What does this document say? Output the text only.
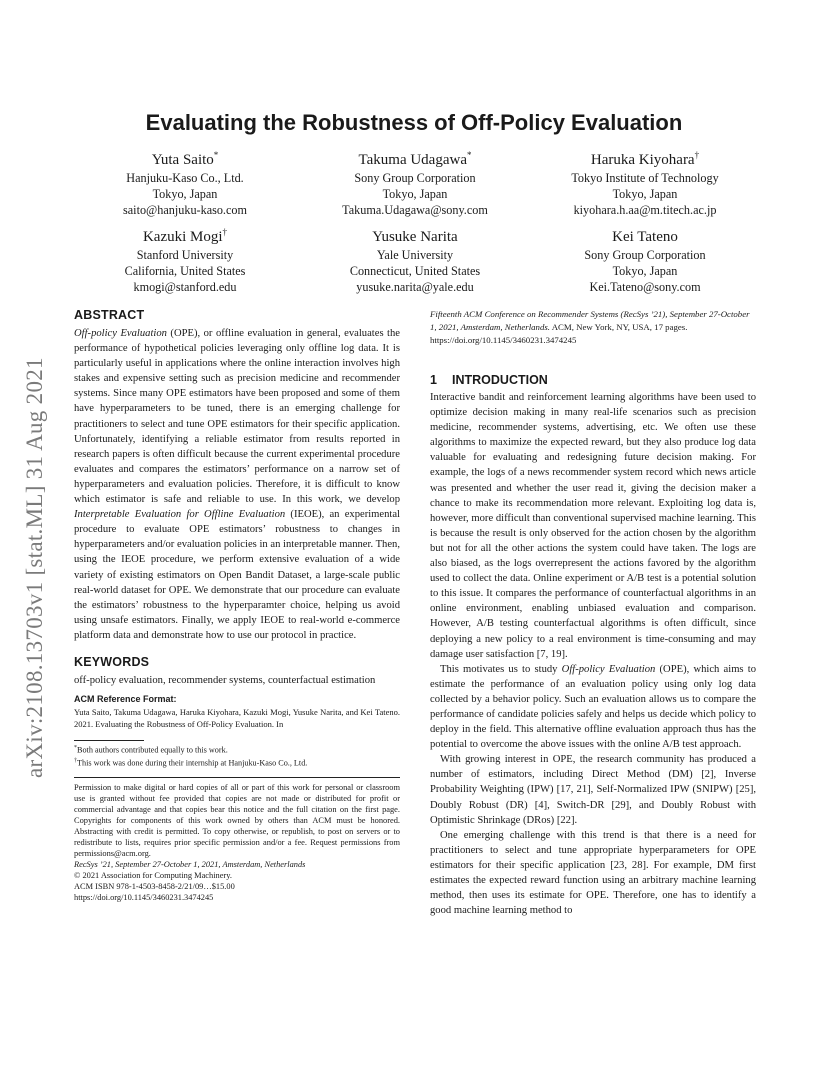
arXiv:2108.13703v1 [stat.ML] 31 Aug 2021
Evaluating the Robustness of Off-Policy Evaluation
Yuta Saito*
Hanjuku-Kaso Co., Ltd.
Tokyo, Japan
saito@hanjuku-kaso.com
Takuma Udagawa*
Sony Group Corporation
Tokyo, Japan
Takuma.Udagawa@sony.com
Haruka Kiyohara†
Tokyo Institute of Technology
Tokyo, Japan
kiyohara.h.aa@m.titech.ac.jp
Kazuki Mogi†
Stanford University
California, United States
kmogi@stanford.edu
Yusuke Narita
Yale University
Connecticut, United States
yusuke.narita@yale.edu
Kei Tateno
Sony Group Corporation
Tokyo, Japan
Kei.Tateno@sony.com
ABSTRACT

Off-policy Evaluation (OPE), or offline evaluation in general, evaluates the performance of hypothetical policies leveraging only offline log data. It is particularly useful in applications where the online interaction involves high stakes and expensive setting such as precision medicine and recommender systems. Since many OPE estimators have been proposed and some of them have hyperparameters to be tuned, there is an emerging challenge for practitioners to select and tune OPE estimators for their specific application. Unfortunately, identifying a reliable estimator from results reported in research papers is often difficult because the current experimental procedure evaluates and compares the estimators’ performance on a narrow set of hyperparameters and evaluation policies. Therefore, it is difficult to know which estimator is safe and reliable to use. In this work, we develop Interpretable Evaluation for Offline Evaluation (IEOE), an experimental procedure to evaluate OPE estimators’ robustness to changes in hyperparameters and/or evaluation policies in an interpretable manner. Then, using the IEOE procedure, we perform extensive evaluation of a wide variety of existing estimators on Open Bandit Dataset, a large-scale public real-world dataset for OPE. We demonstrate that our procedure can evaluate the estimators’ robustness to the hyperparamter choice, helping us avoid using unsafe estimators. Finally, we apply IEOE to real-world e-commerce platform data and demonstrate how to use our protocol in practice.

KEYWORDS

off-policy evaluation, recommender systems, counterfactual estimation

ACM Reference Format:

Yuta Saito, Takuma Udagawa, Haruka Kiyohara, Kazuki Mogi, Yusuke Narita, and Kei Tateno. 2021. Evaluating the Robustness of Off-Policy Evaluation. In

*Both authors contributed equally to this work.

†This work was done during their internship at Hanjuku-Kaso Co., Ltd.

Permission to make digital or hard copies of all or part of this work for personal or classroom use is granted without fee provided that copies are not made or distributed for profit or commercial advantage and that copies bear this notice and the full citation on the first page. Copyrights for components of this work owned by others than ACM must be honored. Abstracting with credit is permitted. To copy otherwise, or republish, to post on servers or to redistribute to lists, requires prior specific permission and/or a fee. Request permissions from permissions@acm.org.

RecSys ’21, September 27-October 1, 2021, Amsterdam, Netherlands

© 2021 Association for Computing Machinery.

ACM ISBN 978-1-4503-8458-2/21/09…$15.00

https://doi.org/10.1145/3460231.3474245

Fifteenth ACM Conference on Recommender Systems (RecSys ’21), September 27-October 1, 2021, Amsterdam, Netherlands. ACM, New York, NY, USA, 17 pages. https://doi.org/10.1145/3460231.3474245

1 INTRODUCTION

Interactive bandit and reinforcement learning algorithms have been used to optimize decision making in many real-life scenarios such as precision medicine, recommender systems, advertising, etc. We often use these algorithms to maximize the expected reward, but they also produce log data valuable for evaluating and redesigning future decision making. For example, the logs of a news recommender system record which news article was presented and whether the user read it, giving the decision maker a chance to make its recommendation more relevant. Exploiting log data is, however, more difficult than conventional supervised machine learning. This is because the result is only observed for the action chosen by the algorithm but not for all the other actions the system could have taken. The logs are also biased, as the logs overrepresent the actions favored by the algorithm used to collect the data. Online experiment or A/B test is a potential solution to this issue. It compares the performance of counterfactual algorithms in an online environment, enabling unbiased evaluation and comparison. However, A/B testing counterfactual algorithms is often difficult, since deploying a new policy to a real environment is time-consuming and may damage user satisfaction [7, 19].

This motivates us to study Off-policy Evaluation (OPE), which aims to estimate the performance of an evaluation policy using only log data collected by a behavior policy. Such an evaluation allows us to compare the performance of candidate policies safely and helps us decide which policy to deploy in the field. This alternative offline evaluation approach thus has the potential to overcome the above issues with the online A/B test approach.

With growing interest in OPE, the research community has produced a number of estimators, including Direct Method (DM) [2], Inverse Probability Weighting (IPW) [17, 21], Self-Normalized IPW (SNIPW) [25], Doubly Robust (DR) [4], Switch-DR [29], and Doubly Robust with Optimistic Shrinkage (DRos) [22].

One emerging challenge with this trend is that there is a need for practitioners to select and tune appropriate hyperparameters for OPE estimators for their specific application [23, 28]. For example, DM first estimates the expected reward function using an arbitrary machine learning method, then uses its estimate for OPE. Therefore, one has to identify a good machine learning method to
